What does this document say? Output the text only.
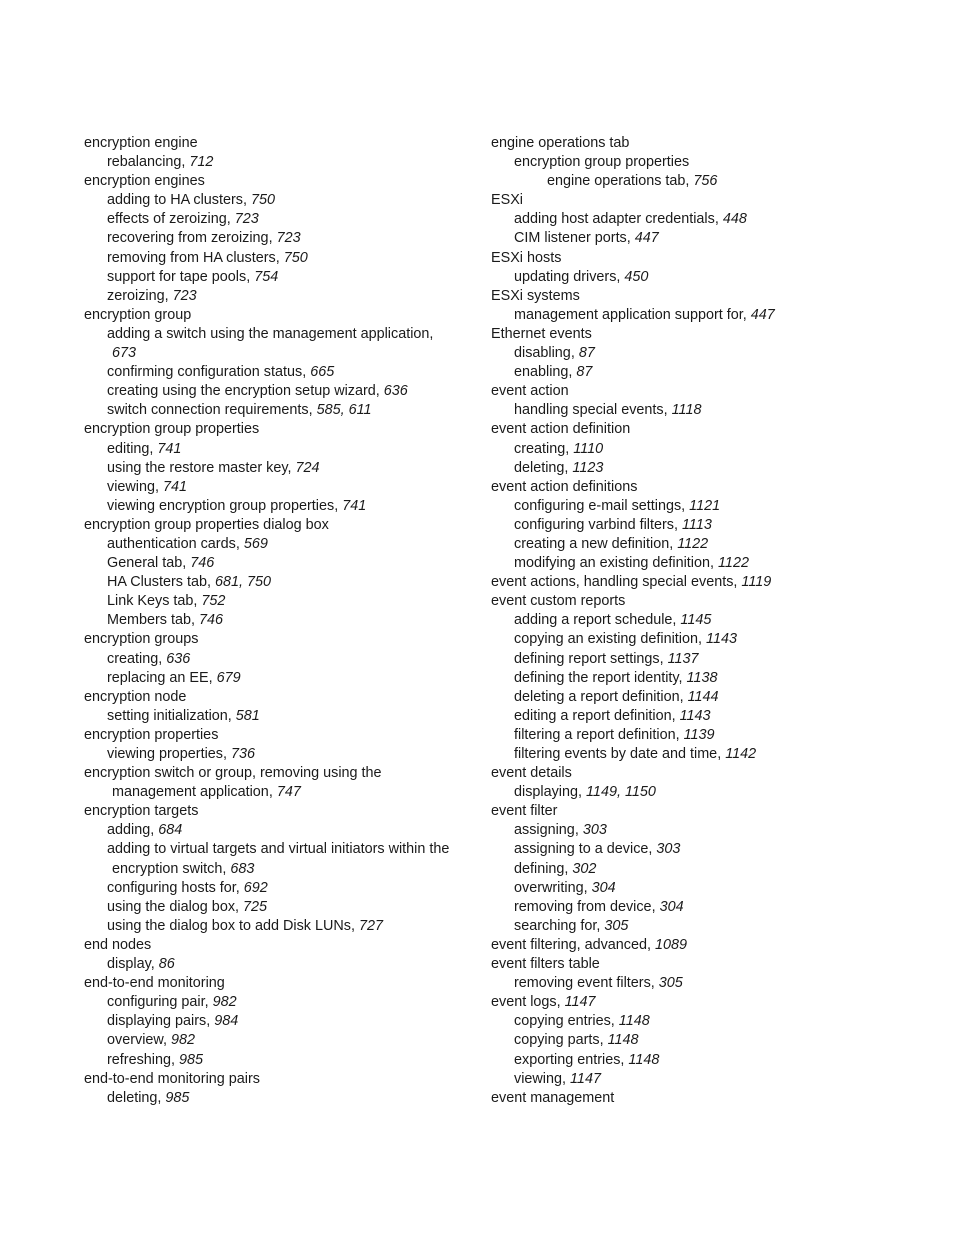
encryption engine
rebalancing, 712
encryption engines
adding to HA clusters, 750
effects of zeroizing, 723
recovering from zeroizing, 723
removing from HA clusters, 750
support for tape pools, 754
zeroizing, 723
encryption group
adding a switch using the management application,
673
confirming configuration status, 665
creating using the encryption setup wizard, 636
switch connection requirements, 585, 611
encryption group properties
editing, 741
using the restore master key, 724
viewing, 741
viewing encryption group properties, 741
encryption group properties dialog box
authentication cards, 569
General tab, 746
HA Clusters tab, 681, 750
Link Keys tab, 752
Members tab, 746
encryption groups
creating, 636
replacing an EE, 679
encryption node
setting initialization, 581
encryption properties
viewing properties, 736
encryption switch or group, removing using the
management application, 747
encryption targets
adding, 684
adding to virtual targets and virtual initiators within the
encryption switch, 683
configuring hosts for, 692
using the dialog box, 725
using the dialog box to add Disk LUNs, 727
end nodes
display, 86
end-to-end monitoring
configuring pair, 982
displaying pairs, 984
overview, 982
refreshing, 985
end-to-end monitoring pairs
deleting, 985
engine operations tab
encryption group properties
engine operations tab, 756
ESXi
adding host adapter credentials, 448
CIM listener ports, 447
ESXi hosts
updating drivers, 450
ESXi systems
management application support for, 447
Ethernet events
disabling, 87
enabling, 87
event action
handling special events, 1118
event action definition
creating, 1110
deleting, 1123
event action definitions
configuring e-mail settings, 1121
configuring varbind filters, 1113
creating a new definition, 1122
modifying an existing definition, 1122
event actions, handling special events, 1119
event custom reports
adding a report schedule, 1145
copying an existing definition, 1143
defining report settings, 1137
defining the report identity, 1138
deleting a report definition, 1144
editing a report definition, 1143
filtering a report definition, 1139
filtering events by date and time, 1142
event details
displaying, 1149, 1150
event filter
assigning, 303
assigning to a device, 303
defining, 302
overwriting, 304
removing from device, 304
searching for, 305
event filtering, advanced, 1089
event filters table
removing event filters, 305
event logs, 1147
copying entries, 1148
copying parts, 1148
exporting entries, 1148
viewing, 1147
event management
